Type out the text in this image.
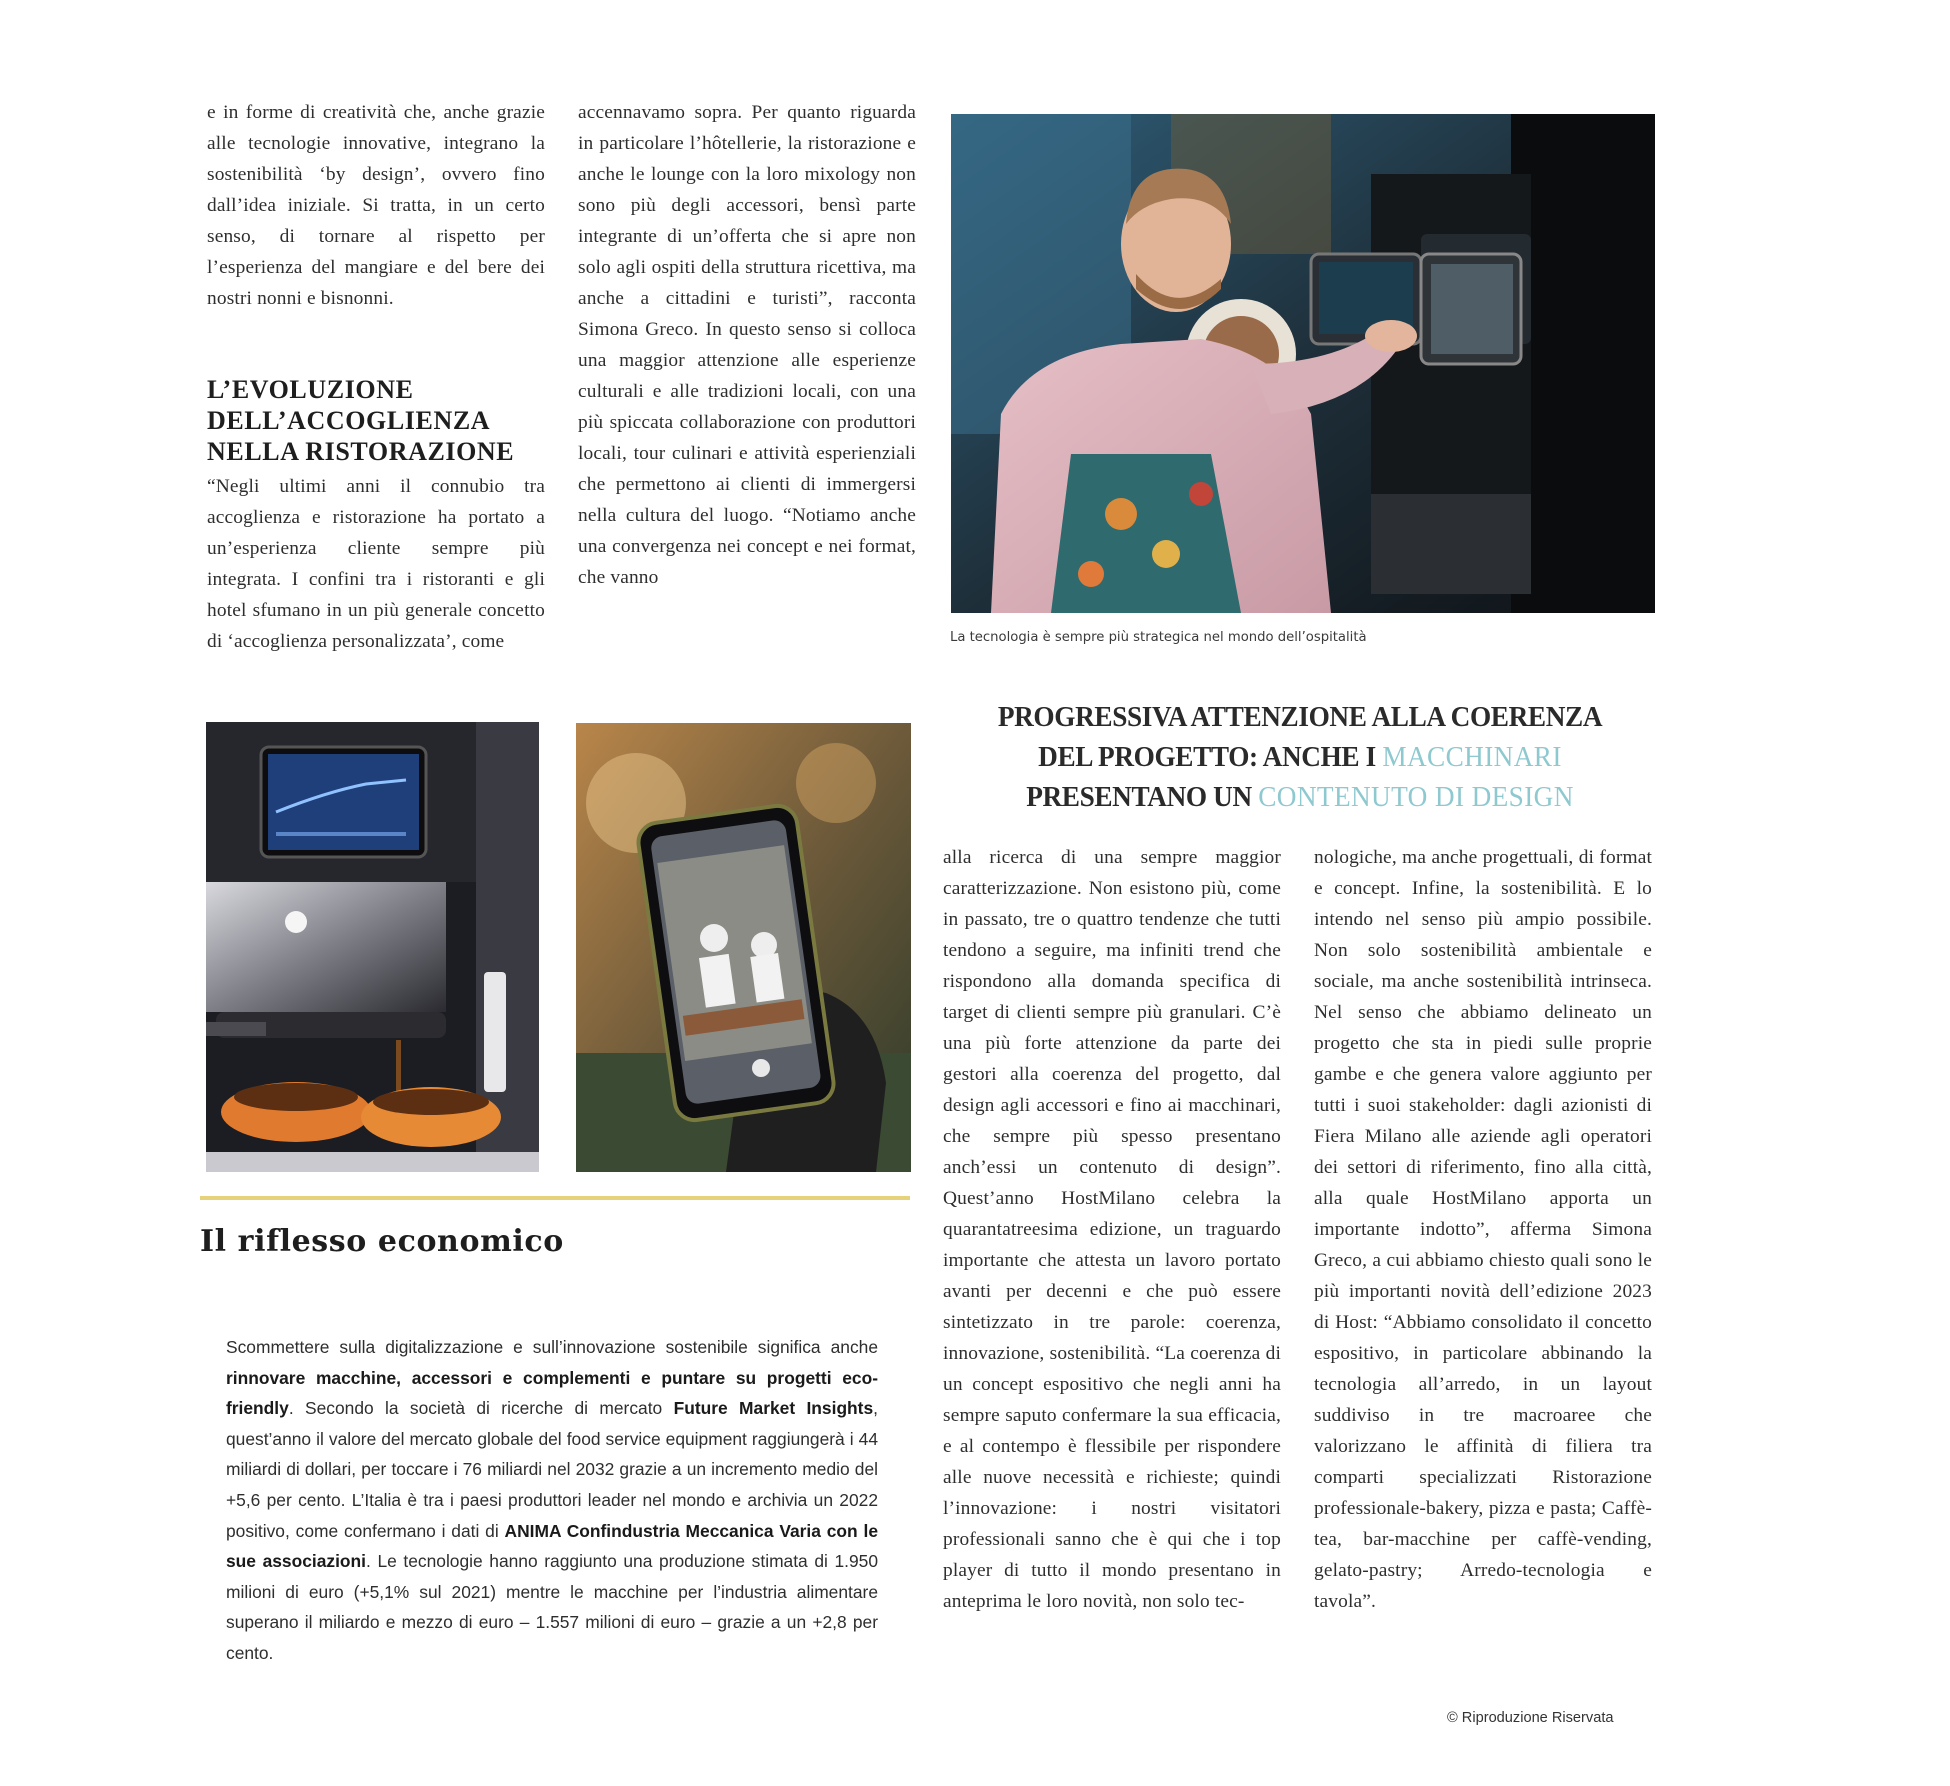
e in forme di creatività che, anche grazie alle tecnologie innovative, integrano la sostenibilità ‘by design’, ovvero fino dall’idea iniziale. Si tratta, in un certo senso, di tornare al rispetto per l’esperienza del mangiare e del bere dei nostri nonni e bisnonni.
L’EVOLUZIONE
DELL’ACCOGLIENZA
NELLA RISTORAZIONE
“Negli ultimi anni il connubio tra accoglienza e ristorazione ha portato a un’esperienza cliente sempre più integrata. I confini tra i ristoranti e gli hotel sfumano in un più generale concetto di ‘accoglienza personalizzata’, come
accennavamo sopra. Per quanto riguarda in particolare l’hôtellerie, la ristorazione e anche le lounge con la loro mixology non sono più degli accessori, bensì parte integrante di un’offerta che si apre non solo agli ospiti della struttura ricettiva, ma anche a cittadini e turisti”, racconta Simona Greco. In questo senso si colloca una maggior attenzione alle esperienze culturali e alle tradizioni locali, con una più spiccata collaborazione con produttori locali, tour culinari e attività esperienziali che permettono ai clienti di immergersi nella cultura del luogo. “Notiamo anche una convergenza nei concept e nei format, che vanno
La tecnologia è sempre più strategica nel mondo dell’ospitalità
PROGRESSIVA ATTENZIONE ALLA COERENZA
DEL PROGETTO: ANCHE I MACCHINARI
PRESENTANO UN CONTENUTO DI DESIGN
Il riflesso economico
Scommettere sulla digitalizzazione e sull’innovazione sostenibile significa anche rinnovare macchine, accessori e complementi e puntare su progetti eco-friendly. Secondo la società di ricerche di mercato Future Market Insights, quest’anno il valore del mercato globale del food service equipment raggiungerà i 44 miliardi di dollari, per toccare i 76 miliardi nel 2032 grazie a un incremento medio del +5,6 per cento. L’Italia è tra i paesi produttori leader nel mondo e archivia un 2022 positivo, come confermano i dati di ANIMA Confindustria Meccanica Varia con le sue associazioni. Le tecnologie hanno raggiunto una produzione stimata di 1.950 milioni di euro (+5,1% sul 2021) mentre le macchine per l’industria alimentare superano il miliardo e mezzo di euro – 1.557 milioni di euro – grazie a un +2,8 per cento.
alla ricerca di una sempre maggior caratterizzazione. Non esistono più, come in passato, tre o quattro tendenze che tutti tendono a seguire, ma infiniti trend che rispondono alla domanda specifica di target di clienti sempre più granulari. C’è una più forte attenzione da parte dei gestori alla coerenza del progetto, dal design agli accessori e fino ai macchinari, che sempre più spesso presentano anch’essi un contenuto di design”. Quest’anno HostMilano celebra la quarantatreesima edizione, un traguardo importante che attesta un lavoro portato avanti per decenni e che può essere sintetizzato in tre parole: coerenza, innovazione, sostenibilità. “La coerenza di un concept espositivo che negli anni ha sempre saputo confermare la sua efficacia, e al contempo è flessibile per rispondere alle nuove necessità e richieste; quindi l’innovazione: i nostri visitatori professionali sanno che è qui che i top player di tutto il mondo presentano in anteprima le loro novità, non solo tec-
nologiche, ma anche progettuali, di format e concept. Infine, la sostenibilità. E lo intendo nel senso più ampio possibile. Non solo sostenibilità ambientale e sociale, ma anche sostenibilità intrinseca. Nel senso che abbiamo delineato un progetto che sta in piedi sulle proprie gambe e che genera valore aggiunto per tutti i suoi stakeholder: dagli azionisti di Fiera Milano alle aziende agli operatori dei settori di riferimento, fino alla città, alla quale HostMilano apporta un importante indotto”, afferma Simona Greco, a cui abbiamo chiesto quali sono le più importanti novità dell’edizione 2023 di Host: “Abbiamo consolidato il concetto espositivo, in particolare abbinando la tecnologia all’arredo, in un layout suddiviso in tre macroaree che valorizzano le affinità di filiera tra comparti specializzati Ristorazione professionale-bakery, pizza e pasta; Caffè-tea, bar-macchine per caffè-vending, gelato-pastry; Arredo-tecnologia e tavola”.
© Riproduzione Riservata
